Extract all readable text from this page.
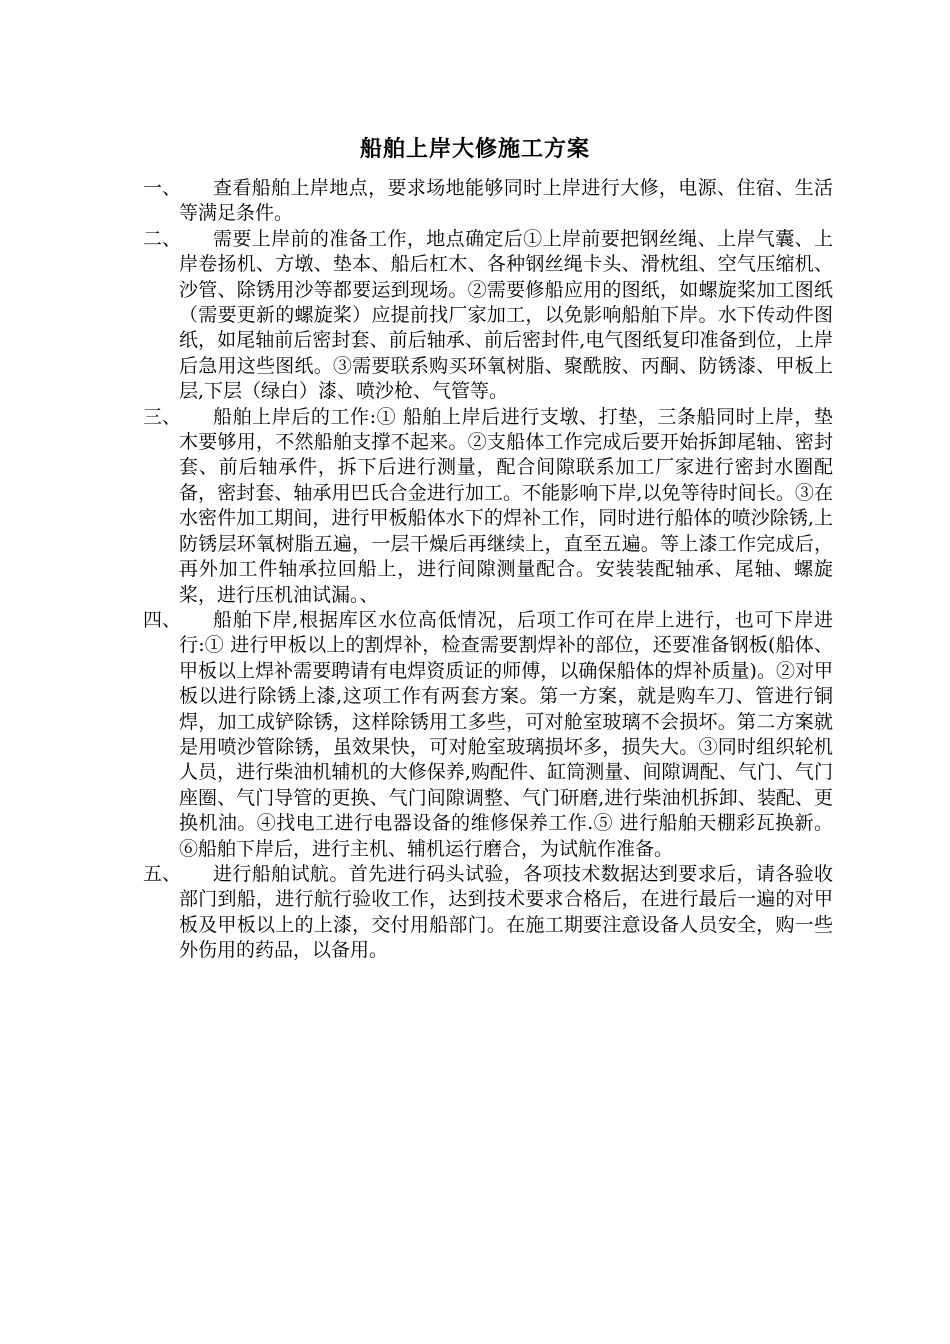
船舶上岸大修施工方案
一、	查看船舶上岸地点，要求场地能够同时上岸进行大修，电源、住宿、生活等满足条件。
二、	需要上岸前的准备工作，地点确定后①上岸前要把钢丝绳、上岸气囊、上岸卷扬机、方墩、垫本、船后杠木、各种钢丝绳卡头、滑枕组、空气压缩机、沙管、除锈用沙等都要运到现场。②需要修船应用的图纸，如螺旋桨加工图纸（需要更新的螺旋桨）应提前找厂家加工，以免影响船舶下岸。水下传动件图纸，如尾轴前后密封套、前后轴承、前后密封件,电气图纸复印准备到位，上岸后急用这些图纸。③需要联系购买环氧树脂、聚酰胺、丙酮、防锈漆、甲板上层,下层（绿白）漆、喷沙枪、气管等。
三、	船舶上岸后的工作:① 船舶上岸后进行支墩、打垫，三条船同时上岸，垫木要够用，不然船舶支撑不起来。②支船体工作完成后要开始拆卸尾轴、密封套、前后轴承件，拆下后进行测量，配合间隙联系加工厂家进行密封水圈配备，密封套、轴承用巴氏合金进行加工。不能影响下岸,以免等待时间长。③在水密件加工期间，进行甲板船体水下的焊补工作，同时进行船体的喷沙除锈,上防锈层环氧树脂五遍，一层干燥后再继续上，直至五遍。等上漆工作完成后，再外加工件轴承拉回船上，进行间隙测量配合。安装装配轴承、尾轴、螺旋桨，进行压机油试漏。、
四、	船舶下岸,根据库区水位高低情况，后项工作可在岸上进行，也可下岸进行:① 进行甲板以上的割焊补，检查需要割焊补的部位，还要准备钢板(船体、甲板以上焊补需要聘请有电焊资质证的师傅，以确保船体的焊补质量)。②对甲板以进行除锈上漆,这项工作有两套方案。第一方案，就是购车刀、管进行铜焊，加工成铲除锈，这样除锈用工多些，可对舱室玻璃不会损坏。第二方案就是用喷沙管除锈，虽效果快，可对舱室玻璃损坏多，损失大。③同时组织轮机人员，进行柴油机辅机的大修保养,购配件、缸筒测量、间隙调配、气门、气门座圈、气门导管的更换、气门间隙调整、气门研磨,进行柴油机拆卸、装配、更换机油。④找电工进行电器设备的维修保养工作.⑤ 进行船舶天棚彩瓦换新。⑥船舶下岸后，进行主机、辅机运行磨合，为试航作准备。
五、	进行船舶试航。首先进行码头试验，各项技术数据达到要求后，请各验收部门到船，进行航行验收工作，达到技术要求合格后，在进行最后一遍的对甲板及甲板以上的上漆，交付用船部门。在施工期要注意设备人员安全，购一些外伤用的药品，以备用。
